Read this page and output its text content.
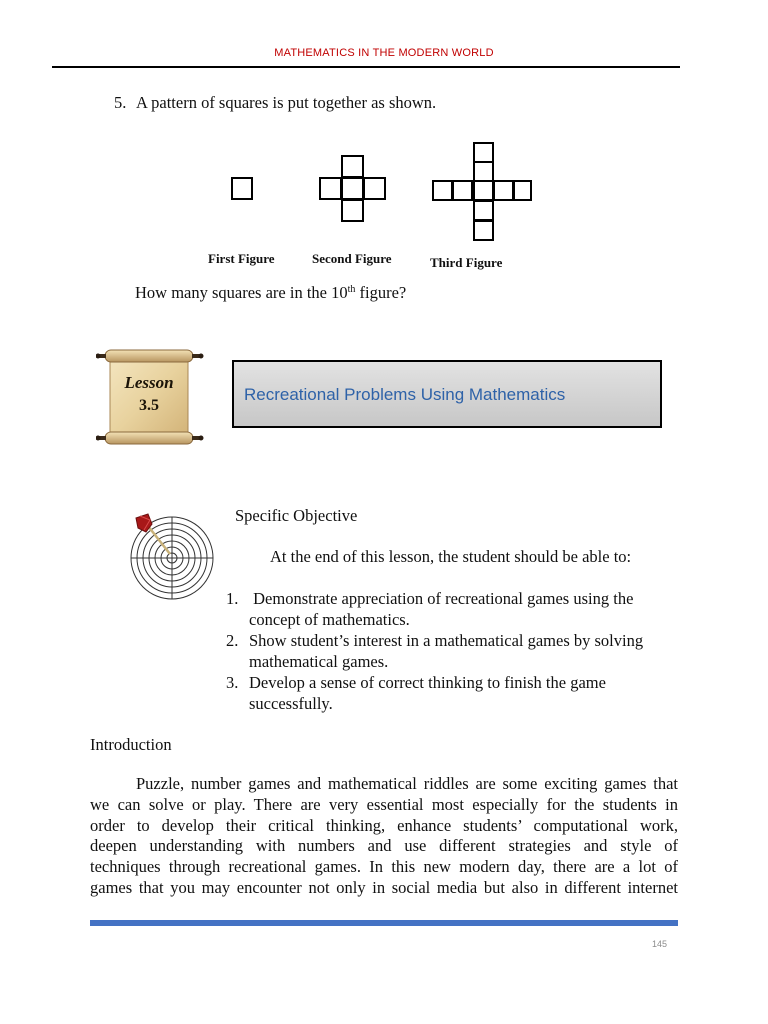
MATHEMATICS IN THE MODERN WORLD
5. A pattern of squares is put together as shown.
First Figure	Second Figure	Third Figure
How many squares are in the 10th figure?
Lesson
3.5
Recreational Problems Using Mathematics
Specific Objective
At the end of this lesson, the student should be able to:
1. Demonstrate appreciation of recreational games using the
concept of mathematics.
2. Show student’s interest in a mathematical games by solving
mathematical games.
3. Develop a sense of correct thinking to finish the game
successfully.
Introduction
Puzzle, number games and mathematical riddles are some exciting games that
we can solve or play. There are very essential most especially for the students in
order to develop their critical thinking, enhance students’ computational work,
deepen understanding with numbers and use different strategies and style of
techniques through recreational games. In this new modern day, there are a lot of
games that you may encounter not only in social media but also in different internet
145
